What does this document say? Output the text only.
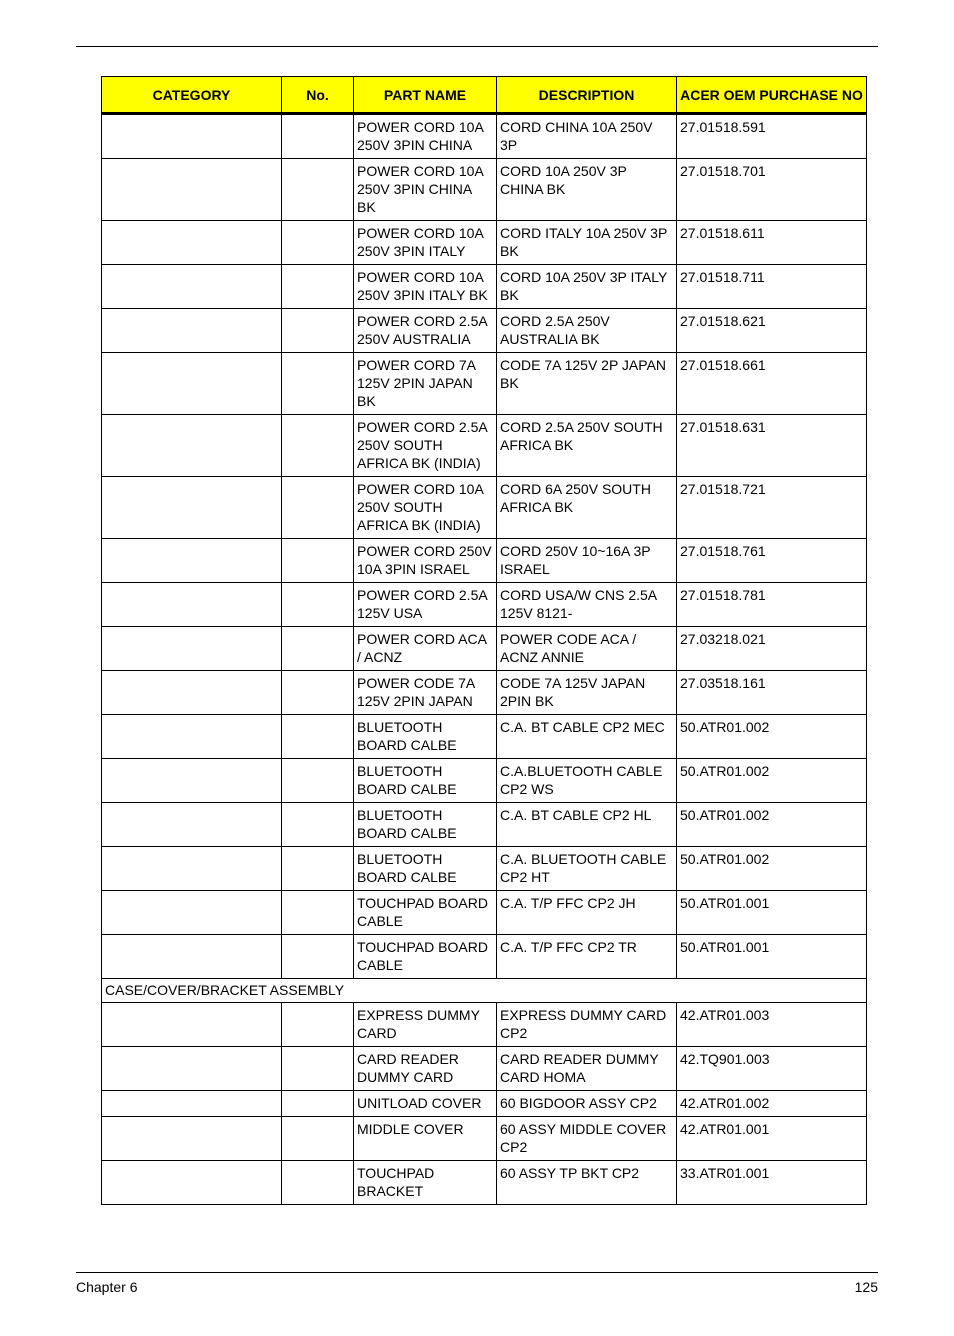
CATEGORY	No.	PART NAME	DESCRIPTION	ACER OEM PURCHASE NO

		POWER CORD 10A 250V 3PIN CHINA	CORD CHINA 10A 250V 3P	27.01518.591
		POWER CORD 10A 250V 3PIN CHINA BK	CORD 10A 250V 3P CHINA BK	27.01518.701
		POWER CORD 10A 250V 3PIN ITALY	CORD ITALY 10A 250V 3P BK	27.01518.611
		POWER CORD 10A 250V 3PIN ITALY BK	CORD 10A 250V 3P ITALY BK	27.01518.711
		POWER CORD 2.5A 250V AUSTRALIA	CORD 2.5A 250V AUSTRALIA BK	27.01518.621
		POWER CORD 7A 125V 2PIN JAPAN BK	CODE 7A 125V 2P JAPAN BK	27.01518.661
		POWER CORD 2.5A 250V SOUTH AFRICA BK (INDIA)	CORD 2.5A 250V SOUTH AFRICA BK	27.01518.631
		POWER CORD 10A 250V SOUTH AFRICA BK (INDIA)	CORD 6A 250V SOUTH AFRICA BK	27.01518.721
		POWER CORD 250V 10A 3PIN ISRAEL	CORD 250V 10~16A 3P ISRAEL	27.01518.761
		POWER CORD 2.5A 125V USA	CORD USA/W CNS 2.5A 125V 8121-	27.01518.781
		POWER CORD ACA / ACNZ	POWER CODE ACA / ACNZ ANNIE	27.03218.021
		POWER CODE 7A 125V 2PIN JAPAN	CODE 7A 125V JAPAN 2PIN BK	27.03518.161
		BLUETOOTH BOARD CALBE	C.A. BT CABLE CP2 MEC	50.ATR01.002
		BLUETOOTH BOARD CALBE	C.A.BLUETOOTH CABLE CP2 WS	50.ATR01.002
		BLUETOOTH BOARD CALBE	C.A. BT CABLE CP2 HL	50.ATR01.002
		BLUETOOTH BOARD CALBE	C.A. BLUETOOTH CABLE CP2 HT	50.ATR01.002
		TOUCHPAD BOARD CABLE	C.A. T/P FFC CP2 JH	50.ATR01.001
		TOUCHPAD BOARD CABLE	C.A. T/P FFC CP2 TR	50.ATR01.001
CASE/COVER/BRACKET ASSEMBLY				
		EXPRESS DUMMY CARD	EXPRESS DUMMY CARD CP2	42.ATR01.003
		CARD READER DUMMY CARD	CARD READER DUMMY CARD HOMA	42.TQ901.003
		UNITLOAD COVER	60 BIGDOOR ASSY CP2	42.ATR01.002
		MIDDLE COVER	60 ASSY MIDDLE COVER CP2	42.ATR01.001
		TOUCHPAD BRACKET	60 ASSY TP BKT CP2	33.ATR01.001
Chapter 6	125
